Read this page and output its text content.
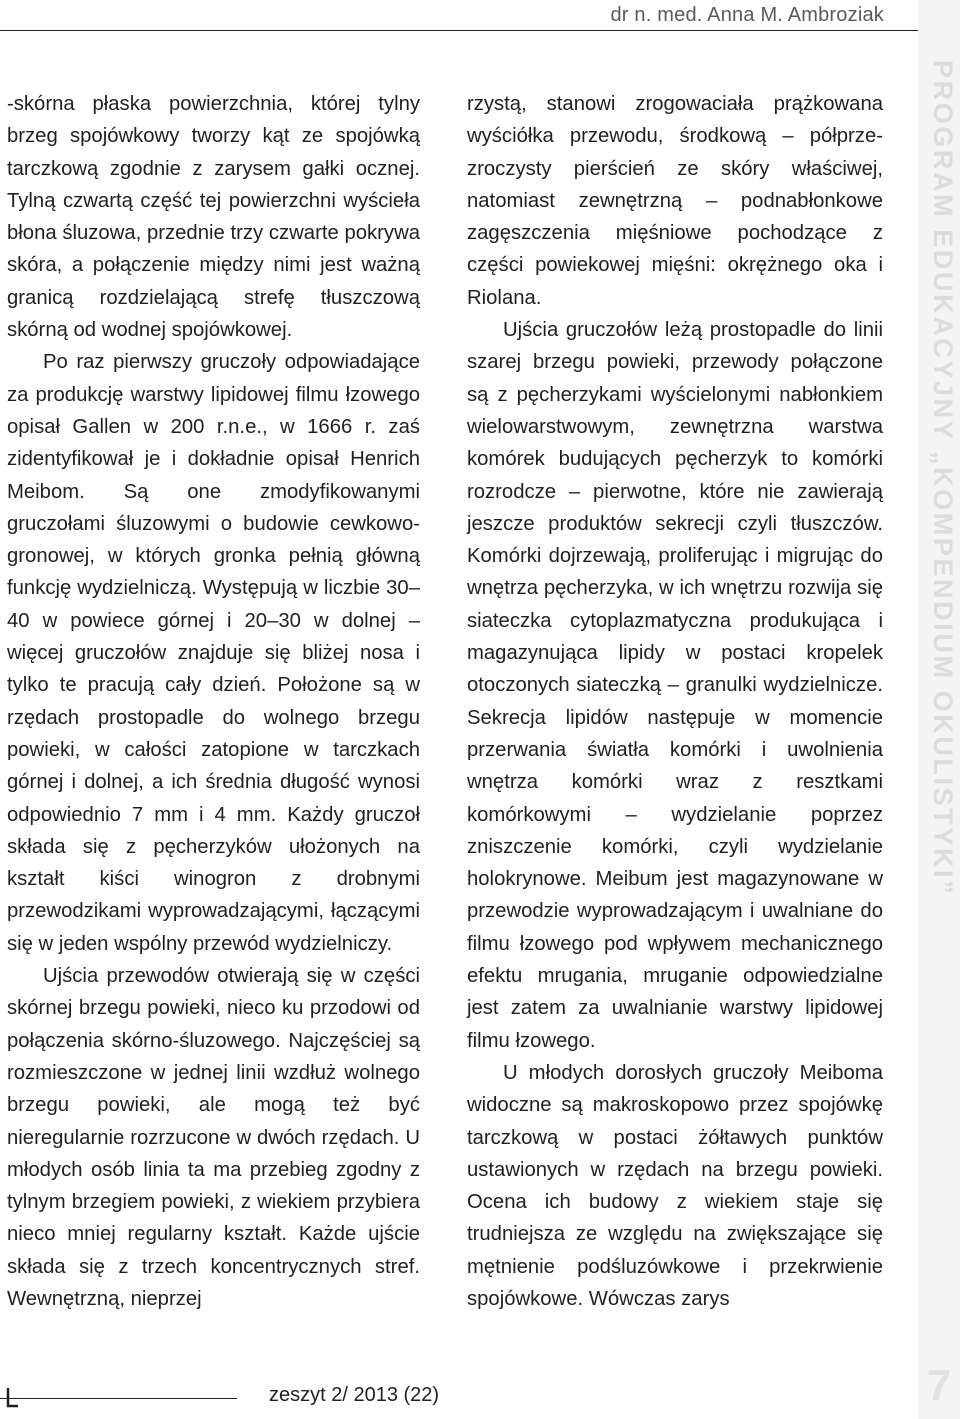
dr n. med. Anna M. Ambroziak
PROGRAM EDUKACYJNY „KOMPENDIUM OKULISTYKI”
7

-skórna płaska powierzchnia, której tylny brzeg spojówkowy tworzy kąt ze spojówką tarczkową zgodnie z zarysem gałki ocznej. Tylną czwartą część tej powierzchni wyścieła błona śluzowa, przednie trzy czwarte pokrywa skóra, a połączenie między nimi jest ważną granicą rozdzielającą strefę tłuszczową skórną od wodnej spojówkowej.

Po raz pierwszy gruczoły odpowiadające za produkcję warstwy lipidowej filmu łzowego opisał Gallen w 200 r.n.e., w 1666 r. zaś zidentyfikował je i dokładnie opisał Henrich Meibom. Są one zmodyfikowanymi gruczołami śluzowymi o budowie cewkowo-gronowej, w których gronka pełnią główną funkcję wydzielniczą. Występują w liczbie 30–40 w powiece górnej i 20–30 w dolnej – więcej gruczołów znajduje się bliżej nosa i tylko te pracują cały dzień. Położone są w rzędach prostopadle do wolnego brzegu powieki, w całości zatopione w tarczkach górnej i dolnej, a ich średnia długość wynosi odpowiednio 7 mm i 4 mm. Każdy gruczoł składa się z pęcherzyków ułożonych na kształt kiści winogron z drobnymi przewodzikami wyprowadzającymi, łączącymi się w jeden wspólny przewód wydzielniczy.

Ujścia przewodów otwierają się w części skórnej brzegu powieki, nieco ku przodowi od połączenia skórno-śluzowego. Najczęściej są rozmieszczone w jednej linii wzdłuż wolnego brzegu powieki, ale mogą też być nieregularnie rozrzucone w dwóch rzędach. U młodych osób linia ta ma przebieg zgodny z tylnym brzegiem powieki, z wiekiem przybiera nieco mniej regularny kształt. Każde ujście składa się z trzech koncentrycznych stref. Wewnętrzną, nieprzej

rzystą, stanowi zrogowaciała prążkowana wyściółka przewodu, środkową – półprzezroczysty pierścień ze skóry właściwej, natomiast zewnętrzną – podnabłonkowe zagęszczenia mięśniowe pochodzące z części powiekowej mięśni: okrężnego oka i Riolana.

Ujścia gruczołów leżą prostopadle do linii szarej brzegu powieki, przewody połączone są z pęcherzykami wyścielonymi nabłonkiem wielowarstwowym, zewnętrzna warstwa komórek budujących pęcherzyk to komórki rozrodcze – pierwotne, które nie zawierają jeszcze produktów sekrecji czyli tłuszczów. Komórki dojrzewają, proliferując i migrując do wnętrza pęcherzyka, w ich wnętrzu rozwija się siateczka cytoplazmatyczna produkująca i magazynująca lipidy w postaci kropelek otoczonych siateczką – granulki wydzielnicze. Sekrecja lipidów następuje w momencie przerwania światła komórki i uwolnienia wnętrza komórki wraz z resztkami komórkowymi – wydzielanie poprzez zniszczenie komórki, czyli wydzielanie holokrynowe. Meibum jest magazynowane w przewodzie wyprowadzającym i uwalniane do filmu łzowego pod wpływem mechanicznego efektu mrugania, mruganie odpowiedzialne jest zatem za uwalnianie warstwy lipidowej filmu łzowego.

U młodych dorosłych gruczoły Meiboma widoczne są makroskopowo przez spojówkę tarczkową w postaci żółtawych punktów ustawionych w rzędach na brzegu powieki. Ocena ich budowy z wiekiem staje się trudniejsza ze względu na zwiększające się mętnienie podśluzówkowe i przekrwienie spojówkowe. Wówczas zarys

zeszyt 2/ 2013 (22)
